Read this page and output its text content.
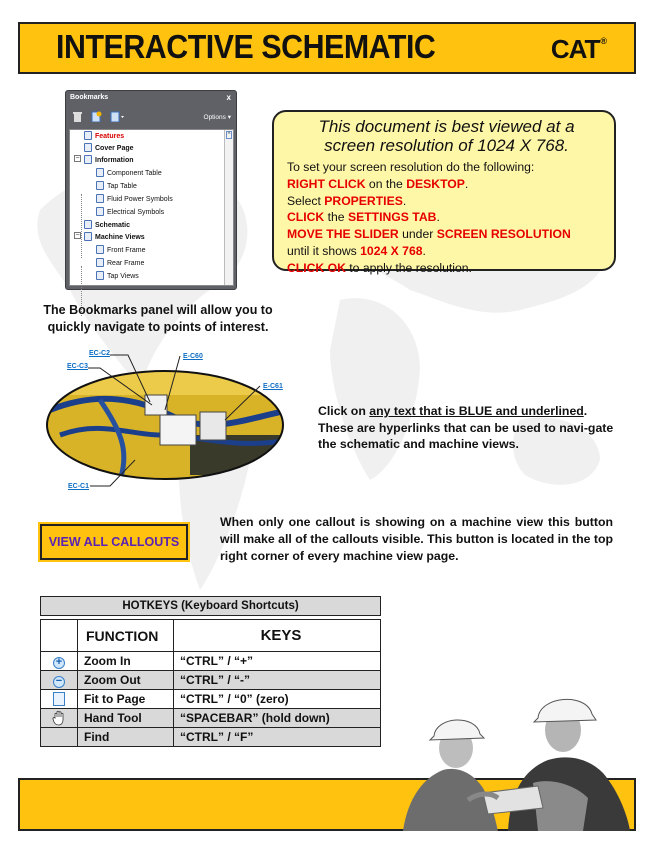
INTERACTIVE SCHEMATIC	CAT®
Bookmarks	x
Options ▾
−
−
Features
Cover Page
Information
Component Table
Tap Table
Fluid Power Symbols
Electrical Symbols
Schematic
Machine Views
Front Frame
Rear Frame
Tap Views
^
The Bookmarks panel will allow you to quickly navigate to points of interest.
This document is best viewed at a
screen resolution of 1024 X 768.
To set your screen resolution do the following:
RIGHT CLICK on the DESKTOP.
Select PROPERTIES.
CLICK the SETTINGS TAB.
MOVE THE SLIDER under SCREEN RESOLUTION
until it shows 1024 X 768.
CLICK OK to apply the resolution.
EC-C2
EC-C3
E-C60
E-C61
EC-C1
Click on any text that is BLUE and underlined. These are hyperlinks that can be used to navi-gate the schematic and machine views.
VIEW ALL CALLOUTS
When only one callout is showing on a machine view this button will make all of the callouts visible. This button is located in the top right corner of every machine view page.
HOTKEYS (Keyboard Shortcuts)
	FUNCTION	KEYS
+	Zoom In	“CTRL” / “+”
−	Zoom Out	“CTRL” / “-”
	Fit to Page	“CTRL” / “0” (zero)
	Hand Tool	“SPACEBAR” (hold down)
	Find	“CTRL” / “F”
